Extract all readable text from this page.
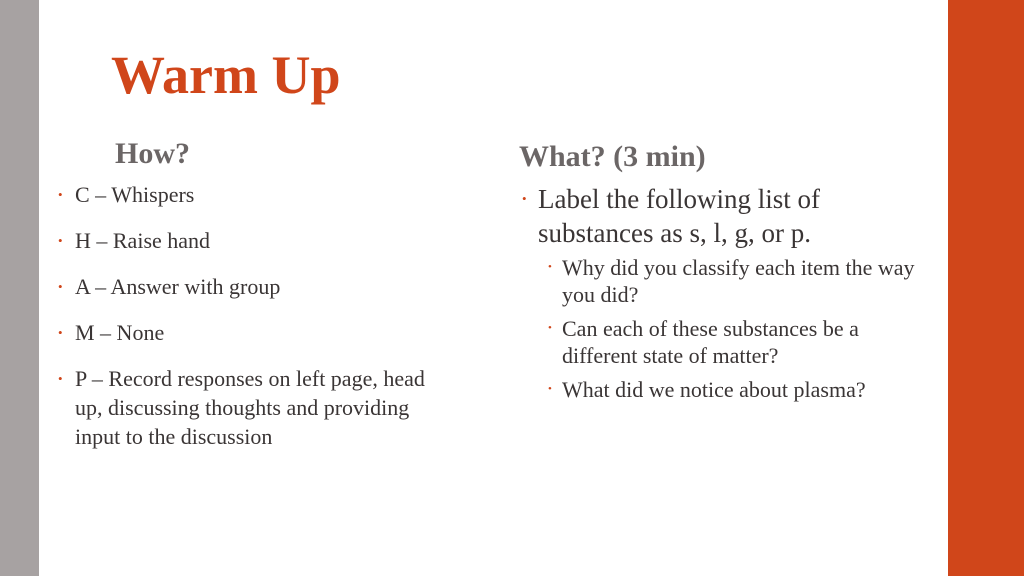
Warm Up
How?	What? (3 min)
• C – Whispers
• H – Raise hand
• A – Answer with group
• M – None
• P – Record responses on left page, head up, discussing thoughts and providing input to the discussion
• Label the following list of substances as s, l, g, or p.
• Why did you classify each item the way you did?
• Can each of these substances be a different state of matter?
• What did we notice about plasma?
